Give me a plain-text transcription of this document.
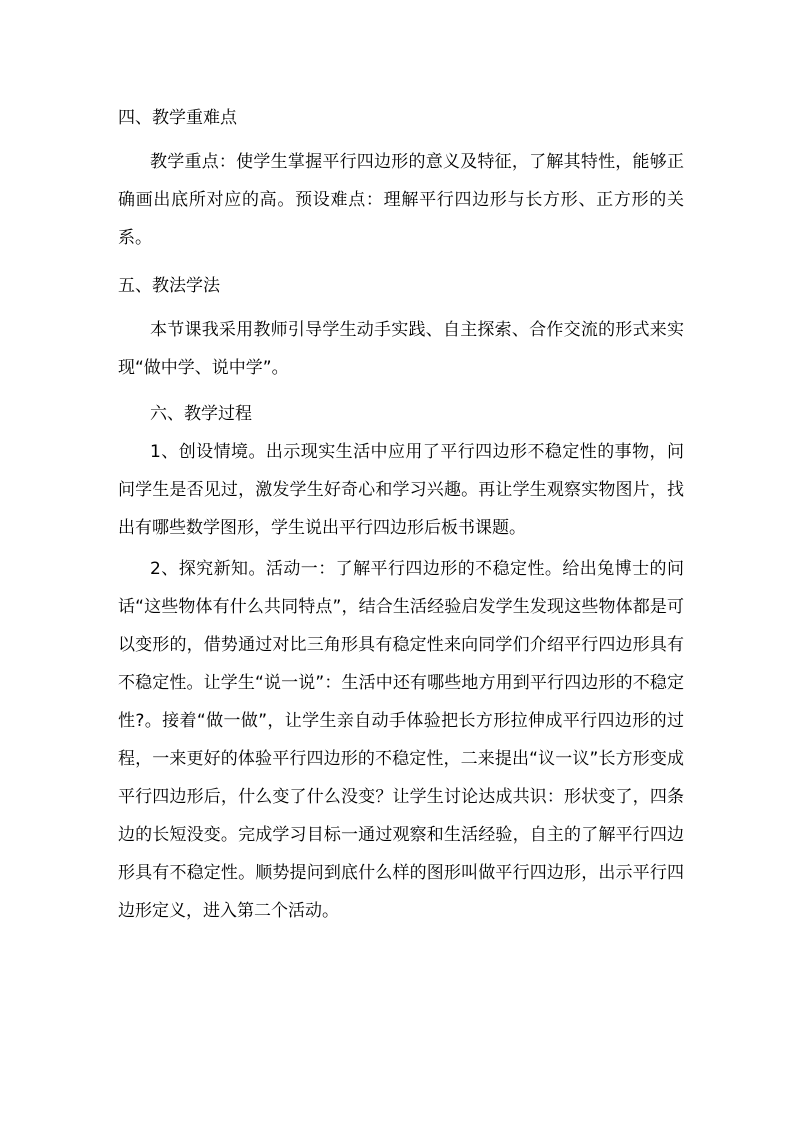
四、教学重难点

教学重点：使学生掌握平行四边形的意义及特征，了解其特性，能够正确画出底所对应的高。预设难点：理解平行四边形与长方形、正方形的关系。

五、教法学法

本节课我采用教师引导学生动手实践、自主探索、合作交流的形式来实现“做中学、说中学”。

六、教学过程

1、创设情境。出示现实生活中应用了平行四边形不稳定性的事物，问问学生是否见过，激发学生好奇心和学习兴趣。再让学生观察实物图片，找出有哪些数学图形，学生说出平行四边形后板书课题。

2、探究新知。活动一：了解平行四边形的不稳定性。给出兔博士的问话“这些物体有什么共同特点”，结合生活经验启发学生发现这些物体都是可以变形的，借势通过对比三角形具有稳定性来向同学们介绍平行四边形具有不稳定性。让学生“说一说”：生活中还有哪些地方用到平行四边形的不稳定性?。接着“做一做”，让学生亲自动手体验把长方形拉伸成平行四边形的过程，一来更好的体验平行四边形的不稳定性，二来提出“议一议”长方形变成平行四边形后，什么变了什么没变？让学生讨论达成共识：形状变了，四条边的长短没变。完成学习目标一通过观察和生活经验，自主的了解平行四边形具有不稳定性。顺势提问到底什么样的图形叫做平行四边形，出示平行四边形定义，进入第二个活动。
